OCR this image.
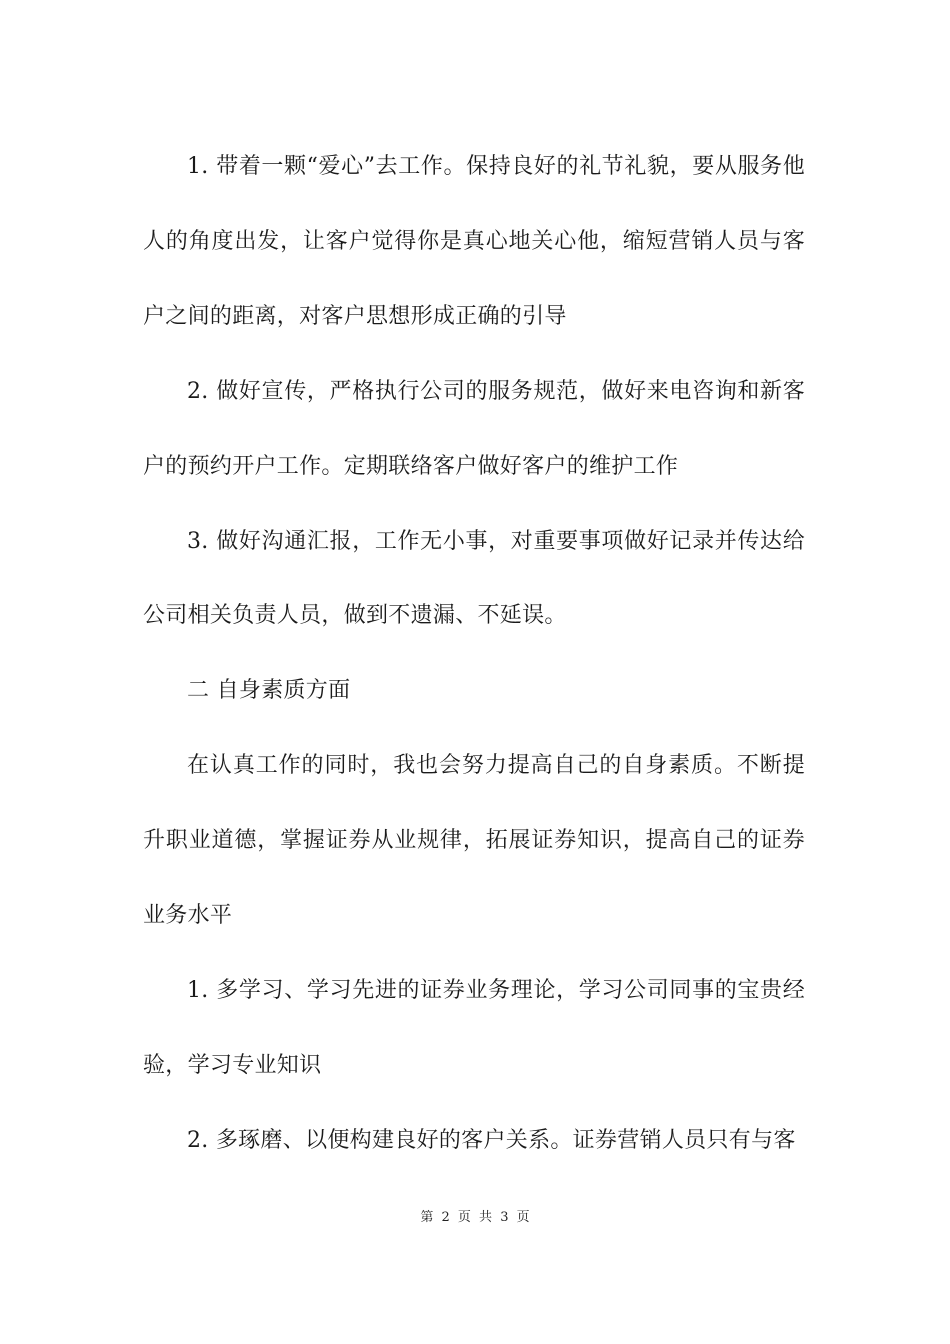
1. 带着一颗“爱心”去工作。保持良好的礼节礼貌，要从服务他人的角度出发，让客户觉得你是真心地关心他，缩短营销人员与客户之间的距离，对客户思想形成正确的引导

2. 做好宣传，严格执行公司的服务规范，做好来电咨询和新客户的预约开户工作。定期联络客户做好客户的维护工作

3. 做好沟通汇报，工作无小事，对重要事项做好记录并传达给公司相关负责人员，做到不遗漏、不延误。

二 自身素质方面

在认真工作的同时，我也会努力提高自己的自身素质。不断提升职业道德，掌握证券从业规律，拓展证券知识，提高自己的证券业务水平

1. 多学习、学习先进的证券业务理论，学习公司同事的宝贵经验，学习专业知识

2. 多琢磨、以便构建良好的客户关系。证券营销人员只有与客

第 2 页 共 3 页
